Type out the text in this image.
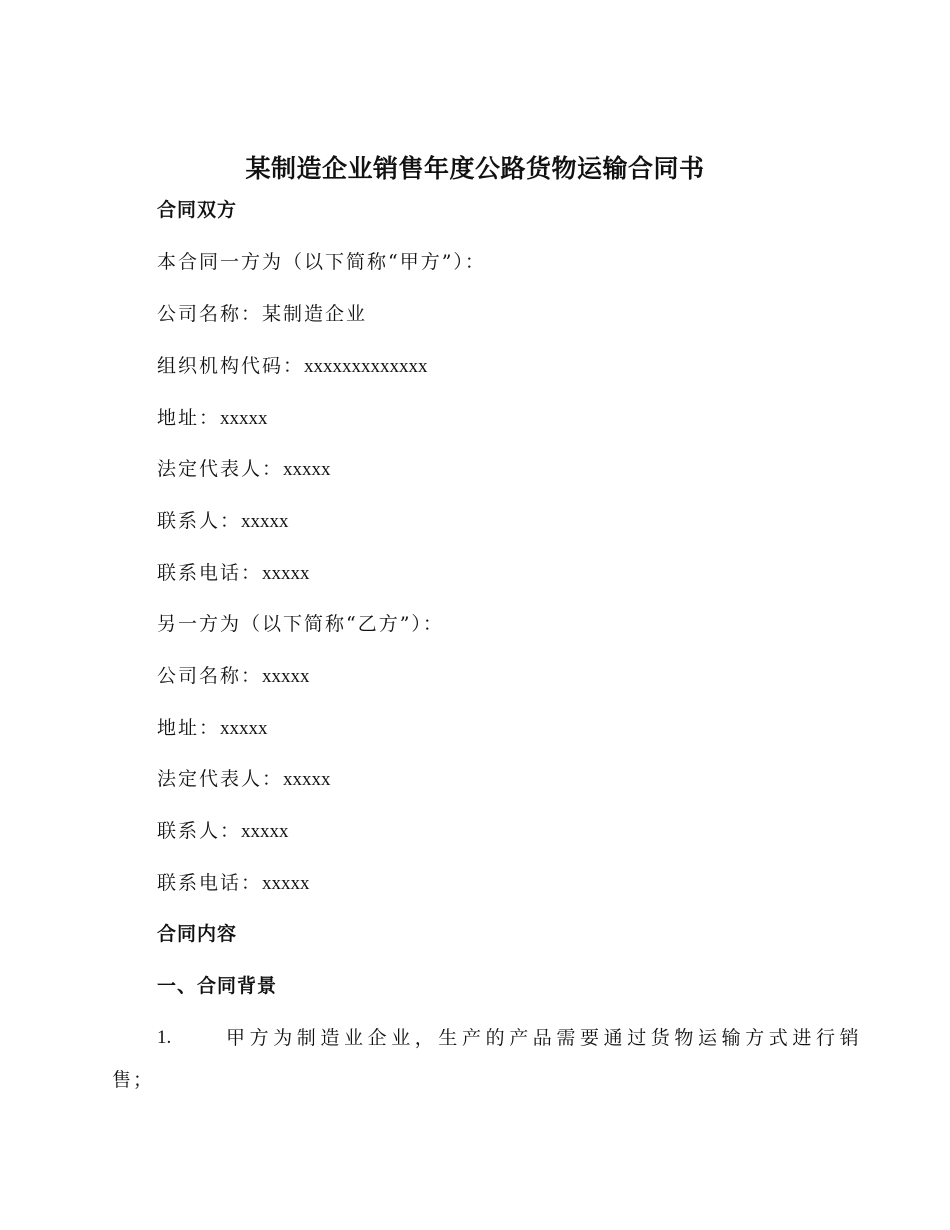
某制造企业销售年度公路货物运输合同书
合同双方
本合同一方为（以下简称“甲方”）：
公司名称：某制造企业
组织机构代码：xxxxxxxxxxxxx
地址：xxxxx
法定代表人：xxxxx
联系人：xxxxx
联系电话：xxxxx
另一方为（以下简称“乙方”）：
公司名称：xxxxx
地址：xxxxx
法定代表人：xxxxx
联系人：xxxxx
联系电话：xxxxx
合同内容
一、合同背景
1.	甲方为制造业企业，生产的产品需要通过货物运输方式进行销
售；
